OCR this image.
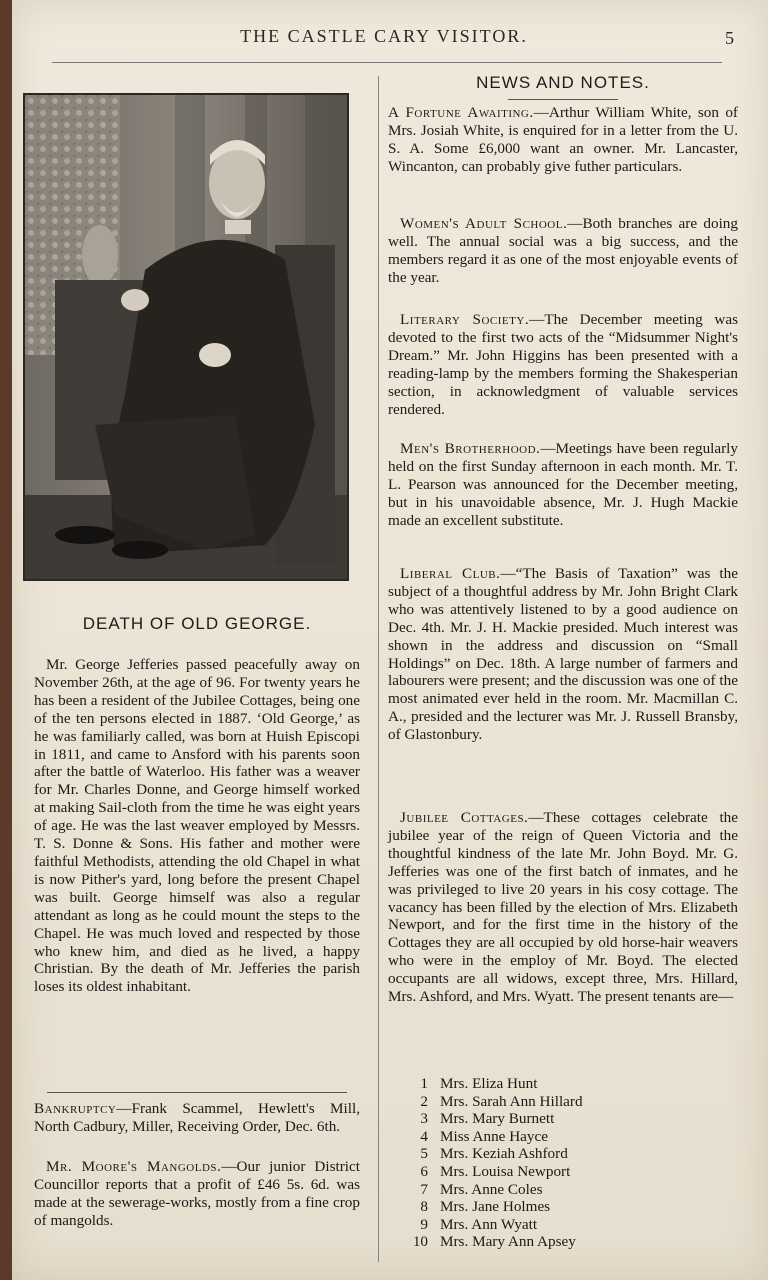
THE CASTLE CARY VISITOR.	5
DEATH OF OLD GEORGE.

Mr. George Jefferies passed peacefully away on November 26th, at the age of 96. For twenty years he has been a resident of the Jubilee Cottages, being one of the ten persons elected in 1887. ‘Old George,’ as he was familiarly called, was born at Huish Episcopi in 1811, and came to Ansford with his parents soon after the battle of Waterloo. His father was a weaver for Mr. Charles Donne, and George himself worked at making Sail-cloth from the time he was eight years of age. He was the last weaver employed by Messrs. T. S. Donne & Sons. His father and mother were faithful Methodists, attending the old Chapel in what is now Pither's yard, long before the present Chapel was built. George himself was also a regular attendant as long as he could mount the steps to the Chapel. He was much loved and respected by those who knew him, and died as he lived, a happy Christian. By the death of Mr. Jefferies the parish loses its oldest inhabitant.

Bankruptcy—Frank Scammel, Hewlett's Mill, North Cadbury, Miller, Receiving Order, Dec. 6th.

Mr. Moore's Mangolds.—Our junior District Councillor reports that a profit of £46 5s. 6d. was made at the sewerage-works, mostly from a fine crop of mangolds.

NEWS AND NOTES.

A Fortune Awaiting.—Arthur William White, son of Mrs. Josiah White, is enquired for in a letter from the U. S. A. Some £6,000 want an owner. Mr. Lancaster, Wincanton, can probably give futher particulars.

Women's Adult School.—Both branches are doing well. The annual social was a big success, and the members regard it as one of the most enjoyable events of the year.

Literary Society.—The December meeting was devoted to the first two acts of the “Midsummer Night's Dream.” Mr. John Higgins has been presented with a reading-lamp by the members forming the Shakesperian section, in acknowledgment of valuable services rendered.

Men's Brotherhood.—Meetings have been regularly held on the first Sunday afternoon in each month. Mr. T. L. Pearson was announced for the December meeting, but in his unavoidable absence, Mr. J. Hugh Mackie made an excellent substitute.

Liberal Club.—“The Basis of Taxation” was the subject of a thoughtful address by Mr. John Bright Clark who was attentively listened to by a good audience on Dec. 4th. Mr. J. H. Mackie presided. Much interest was shown in the address and discussion on “Small Holdings” on Dec. 18th. A large number of farmers and labourers were present; and the discussion was one of the most animated ever held in the room. Mr. Macmillan C. A., presided and the lecturer was Mr. J. Russell Bransby, of Glastonbury.

Jubilee Cottages.—These cottages celebrate the jubilee year of the reign of Queen Victoria and the thoughtful kindness of the late Mr. John Boyd. Mr. G. Jefferies was one of the first batch of inmates, and he was privileged to live 20 years in his cosy cottage. The vacancy has been filled by the election of Mrs. Elizabeth Newport, and for the first time in the history of the Cottages they are all occupied by old horse-hair weavers who were in the employ of Mr. Boyd. The elected occupants are all widows, except three, Mrs. Hillard, Mrs. Ashford, and Mrs. Wyatt. The present tenants are—

1 Mrs. Eliza Hunt
2 Mrs. Sarah Ann Hillard
3 Mrs. Mary Burnett
4 Miss Anne Hayce
5 Mrs. Keziah Ashford
6 Mrs. Louisa Newport
7 Mrs. Anne Coles
8 Mrs. Jane Holmes
9 Mrs. Ann Wyatt
10 Mrs. Mary Ann Apsey
